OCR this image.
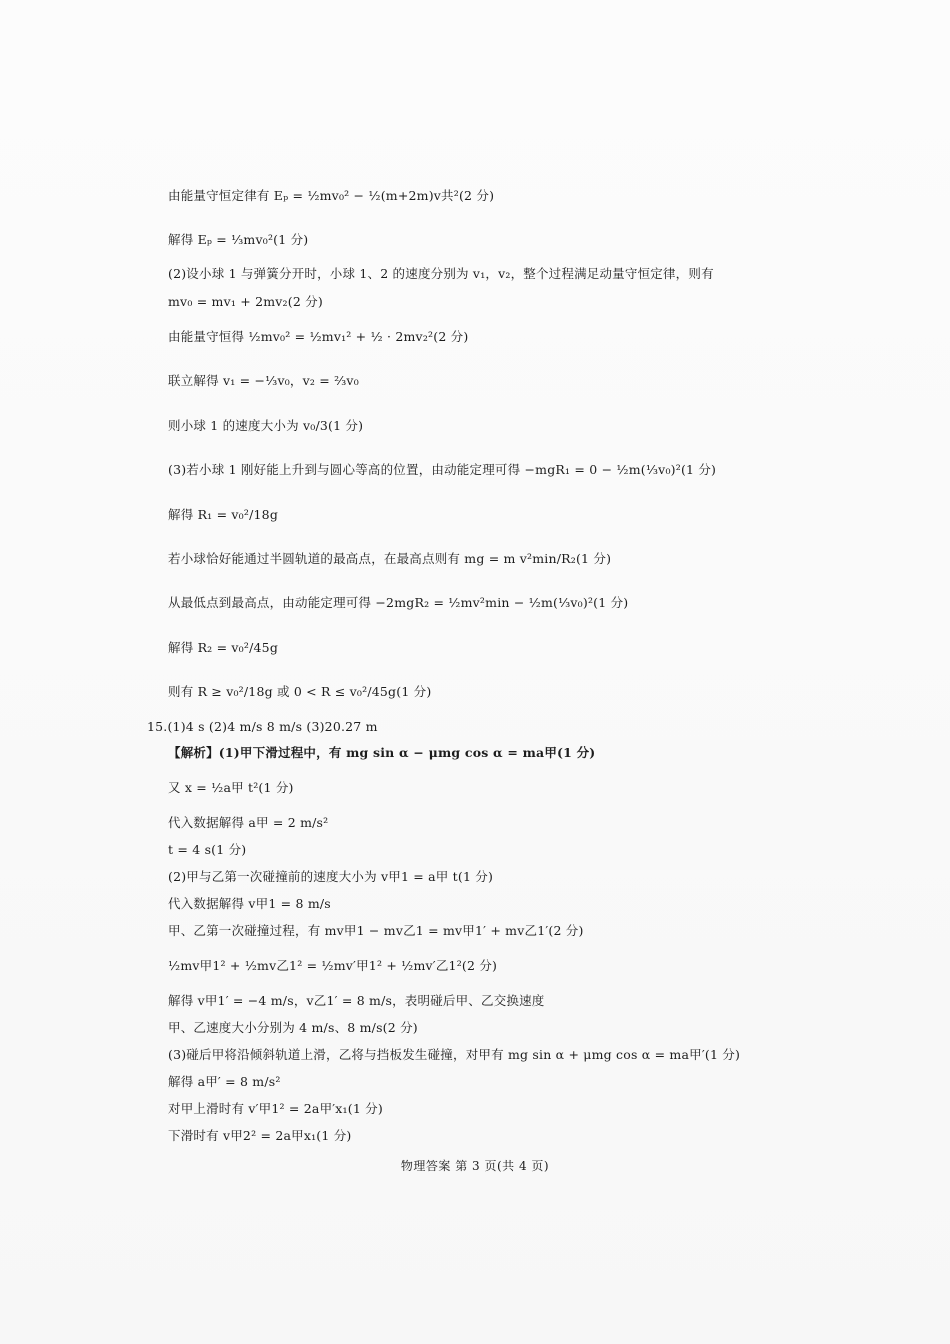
由能量守恒定律有 Eₚ = ½mv₀² − ½(m+2m)v共²(2 分)
解得 Eₚ = ⅓mv₀²(1 分)
(2)设小球 1 与弹簧分开时，小球 1、2 的速度分别为 v₁，v₂，整个过程满足动量守恒定律，则有
mv₀ = mv₁ + 2mv₂(2 分)
由能量守恒得 ½mv₀² = ½mv₁² + ½ · 2mv₂²(2 分)
联立解得 v₁ = −⅓v₀，v₂ = ⅔v₀
则小球 1 的速度大小为 v₀/3(1 分)
(3)若小球 1 刚好能上升到与圆心等高的位置，由动能定理可得 −mgR₁ = 0 − ½m(⅓v₀)²(1 分)
解得 R₁ = v₀²/18g
若小球恰好能通过半圆轨道的最高点，在最高点则有 mg = m v²min/R₂(1 分)
从最低点到最高点，由动能定理可得 −2mgR₂ = ½mv²min − ½m(⅓v₀)²(1 分)
解得 R₂ = v₀²/45g
则有 R ≥ v₀²/18g 或 0 < R ≤ v₀²/45g(1 分)
15.(1)4 s (2)4 m/s 8 m/s (3)20.27 m
【解析】(1)甲下滑过程中，有 mg sin α − μmg cos α = ma甲(1 分)
又 x = ½a甲 t²(1 分)
代入数据解得 a甲 = 2 m/s²
t = 4 s(1 分)
(2)甲与乙第一次碰撞前的速度大小为 v甲1 = a甲 t(1 分)
代入数据解得 v甲1 = 8 m/s
甲、乙第一次碰撞过程，有 mv甲1 − mv乙1 = mv甲1′ + mv乙1′(2 分)
½mv甲1² + ½mv乙1² = ½mv′甲1² + ½mv′乙1²(2 分)
解得 v甲1′ = −4 m/s，v乙1′ = 8 m/s，表明碰后甲、乙交换速度
甲、乙速度大小分别为 4 m/s、8 m/s(2 分)
(3)碰后甲将沿倾斜轨道上滑，乙将与挡板发生碰撞，对甲有 mg sin α + μmg cos α = ma甲′(1 分)
解得 a甲′ = 8 m/s²
对甲上滑时有 v′甲1² = 2a甲′x₁(1 分)
下滑时有 v甲2² = 2a甲x₁(1 分)
物理答案 第 3 页(共 4 页)
